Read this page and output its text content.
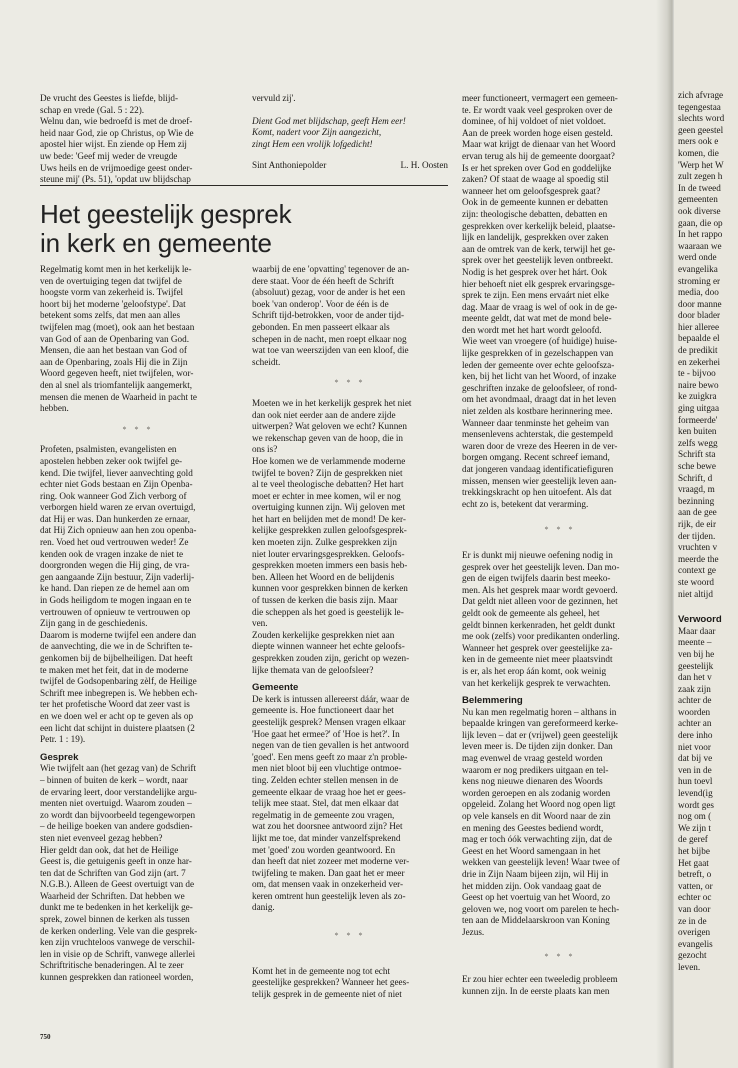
De vrucht des Geestes is liefde, blijd-

schap en vrede (Gal. 5 : 22).

Welnu dan, wie bedroefd is met de droef-

heid naar God, zie op Christus, op Wie de

apostel hier wijst. En ziende op Hem zij

uw bede: 'Geef mij weder de vreugde

Uws heils en de vrijmoedige geest onder-

steune mij' (Ps. 51), 'opdat uw blijdschap

vervuld zij'.

Dient God met blijdschap, geeft Hem eer!

Komt, nadert voor Zijn aangezicht,

zingt Hem een vrolijk lofgedicht!

Sint Anthoniepolder	L. H. Oosten
Het geestelijk gesprek
in kerk en gemeente

Regelmatig komt men in het kerkelijk le-

ven de overtuiging tegen dat twijfel de

hoogste vorm van zekerheid is. Twijfel

hoort bij het moderne 'geloofstype'. Dat

betekent soms zelfs, dat men aan alles

twijfelen mag (moet), ook aan het bestaan

van God of aan de Openbaring van God.

Mensen, die aan het bestaan van God of

aan de Openbaring, zoals Hij die in Zijn

Woord gegeven heeft, niet twijfelen, wor-

den al snel als triomfantelijk aangemerkt,

mensen die menen de Waarheid in pacht te

hebben.

* * *

Profeten, psalmisten, evangelisten en

apostelen hebben zeker ook twijfel ge-

kend. Die twijfel, liever aanvechting gold

echter niet Gods bestaan en Zijn Openba-

ring. Ook wanneer God Zich verborg of

verborgen hield waren ze ervan overtuigd,

dat Hij er was. Dan hunkerden ze ernaar,

dat Hij Zich opnieuw aan hen zou openba-

ren. Voed het oud vertrouwen weder! Ze

kenden ook de vragen inzake de niet te

doorgronden wegen die Hij ging, de vra-

gen aangaande Zijn bestuur, Zijn vaderlij-

ke hand. Dan riepen ze de hemel aan om

in Gods heiligdom te mogen ingaan en te

vertrouwen of opnieuw te vertrouwen op

Zijn gang in de geschiedenis.

Daarom is moderne twijfel een andere dan

de aanvechting, die we in de Schriften te-

genkomen bij de bijbelheiligen. Dat heeft

te maken met het feit, dat in de moderne

twijfel de Godsopenbaring zèlf, de Heilige

Schrift mee inbegrepen is. We hebben ech-

ter het profetische Woord dat zeer vast is

en we doen wel er acht op te geven als op

een licht dat schijnt in duistere plaatsen (2

Petr. 1 : 19).

Gesprek

Wie twijfelt aan (het gezag van) de Schrift

– binnen of buiten de kerk – wordt, naar

de ervaring leert, door verstandelijke argu-

menten niet overtuigd. Waarom zouden –

zo wordt dan bijvoorbeeld tegengeworpen

– de heilige boeken van andere godsdien-

sten niet evenveel gezag hebben?

Hier geldt dan ook, dat het de Heilige

Geest is, die getuigenis geeft in onze har-

ten dat de Schriften van God zijn (art. 7

N.G.B.). Alleen de Geest overtuigt van de

Waarheid der Schriften. Dat hebben we

dunkt me te bedenken in het kerkelijk ge-

sprek, zowel binnen de kerken als tussen

de kerken onderling. Vele van die gesprek-

ken zijn vruchteloos vanwege de verschil-

len in visie op de Schrift, vanwege allerlei

Schriftritische benaderingen. Al te zeer

kunnen gesprekken dan rationeel worden,

waarbij de ene 'opvatting' tegenover de an-

dere staat. Voor de één heeft de Schrift

(absoluut) gezag, voor de ander is het een

boek 'van onderop'. Voor de één is de

Schrift tijd-betrokken, voor de ander tijd-

gebonden. En men passeert elkaar als

schepen in de nacht, men roept elkaar nog

wat toe van weerszijden van een kloof, die

scheidt.

* * *

Moeten we in het kerkelijk gesprek het niet

dan ook niet eerder aan de andere zijde

uitwerpen? Wat geloven we echt? Kunnen

we rekenschap geven van de hoop, die in

ons is?

Hoe komen we de verlammende moderne

twijfel te boven? Zijn de gesprekken niet

al te veel theologische debatten? Het hart

moet er echter in mee komen, wil er nog

overtuiging kunnen zijn. Wij geloven met

het hart en belijden met de mond! De ker-

kelijke gesprekken zullen geloofsgesprek-

ken moeten zijn. Zulke gesprekken zijn

niet louter ervaringsgesprekken. Geloofs-

gesprekken moeten immers een basis heb-

ben. Alleen het Woord en de belijdenis

kunnen voor gesprekken binnen de kerken

of tussen de kerken die basis zijn. Maar

die scheppen als het goed is geestelijk le-

ven.

Zouden kerkelijke gesprekken niet aan

diepte winnen wanneer het echte geloofs-

gesprekken zouden zijn, gericht op wezen-

lijke themata van de geloofsleer?

Gemeente

De kerk is intussen allereerst dáár, waar de

gemeente is. Hoe functioneert daar het

geestelijk gesprek? Mensen vragen elkaar

'Hoe gaat het ermee?' of 'Hoe is het?'. In

negen van de tien gevallen is het antwoord

'goed'. Een mens geeft zo maar z'n proble-

men niet bloot bij een vluchtige ontmoe-

ting. Zelden echter stellen mensen in de

gemeente elkaar de vraag hoe het er gees-

telijk mee staat. Stel, dat men elkaar dat

regelmatig in de gemeente zou vragen,

wat zou het doorsnee antwoord zijn? Het

lijkt me toe, dat minder vanzelfsprekend

met 'goed' zou worden geantwoord. En

dan heeft dat niet zozeer met moderne ver-

twijfeling te maken. Dan gaat het er meer

om, dat mensen vaak in onzekerheid ver-

keren omtrent hun geestelijk leven als zo-

danig.

* * *

Komt het in de gemeente nog tot echt

geestelijke gesprekken? Wanneer het gees-

telijk gesprek in de gemeente niet of niet

meer functioneert, vermagert een gemeen-

te. Er wordt vaak veel gesproken over de

dominee, of hij voldoet of niet voldoet.

Aan de preek worden hoge eisen gesteld.

Maar wat krijgt de dienaar van het Woord

ervan terug als hij de gemeente doorgaat?

Is er het spreken over God en goddelijke

zaken? Of staat de waage al spoedig stil

wanneer het om geloofsgesprek gaat?

Ook in de gemeente kunnen er debatten

zijn: theologische debatten, debatten en

gesprekken over kerkelijk beleid, plaatse-

lijk en landelijk, gesprekken over zaken

aan de omtrek van de kerk, terwijl het ge-

sprek over het geestelijk leven ontbreekt.

Nodig is het gesprek over het hárt. Ook

hier behoeft niet elk gesprek ervaringsge-

sprek te zijn. Een mens ervaárt niet elke

dag. Maar de vraag is wel of ook in de ge-

meente geldt, dat wat met de mond bele-

den wordt met het hart wordt geloofd.

Wie weet van vroegere (of huidige) huise-

lijke gesprekken of in gezelschappen van

leden der gemeente over echte geloofsza-

ken, bij het licht van het Woord, of inzake

geschriften inzake de geloofsleer, of rond-

om het avondmaal, draagt dat in het leven

niet zelden als kostbare herinnering mee.

Wanneer daar tenminste het geheim van

mensenlevens achterstak, die gestempeld

waren door de vreze des Heeren in de ver-

borgen omgang. Recent schreef iemand,

dat jongeren vandaag identificatiefiguren

missen, mensen wier geestelijk leven aan-

trekkingskracht op hen uitoefent. Als dat

echt zo is, betekent dat verarming.

* * *

Er is dunkt mij nieuwe oefening nodig in

gesprek over het geestelijk leven. Dan mo-

gen de eigen twijfels daarin best meeko-

men. Als het gesprek maar wordt gevoerd.

Dat geldt niet alleen voor de gezinnen, het

geldt ook de gemeente als geheel, het

geldt binnen kerkenraden, het geldt dunkt

me ook (zelfs) voor predikanten onderling.

Wanneer het gesprek over geestelijke za-

ken in de gemeente niet meer plaatsvindt

is er, als het erop áán komt, ook weinig

van het kerkelijk gesprek te verwachten.

Belemmering

Nu kan men regelmatig horen – althans in

bepaalde kringen van gereformeerd kerke-

lijk leven – dat er (vrijwel) geen geestelijk

leven meer is. De tijden zijn donker. Dan

mag evenwel de vraag gesteld worden

waarom er nog predikers uitgaan en tel-

kens nog nieuwe dienaren des Woords

worden geroepen en als zodanig worden

opgeleid. Zolang het Woord nog open ligt

op vele kansels en dit Woord naar de zin

en mening des Geestes bediend wordt,

mag er toch óók verwachting zijn, dat de

Geest en het Woord samengaan in het

wekken van geestelijk leven! Waar twee of

drie in Zijn Naam bijeen zijn, wil Hij in

het midden zijn. Ook vandaag gaat de

Geest op het voertuig van het Woord, zo

geloven we, nog voort om parelen te hech-

ten aan de Middelaarskroon van Koning

Jezus.

* * *

Er zou hier echter een tweeledig probleem

kunnen zijn. In de eerste plaats kan men

750

zich afvrage

tegengestaa

slechts word

geen geestel

mers ook e

komen, die

'Werp het W

zult zegen h

In de tweed

gemeenten

ook diverse

gaan, die op

In het rappo

waaraan we

werd onde

evangelika

stroming er

media, doo

door manne

door blader

hier alleree

bepaalde el

de predikit

en zekerhei

te - bijvoo

naire bewo

ke zuigkra

ging uitgaa

formeerde'

ken buiten

zelfs wegg

Schrift sta

sche bewe

Schrift, d

vraagd, m

bezinning

aan de gee

rijk, de eir

der tijden.

vruchten v

meerde the

context ge

ste woord

niet altijd

Verwoord

Maar daar

meente –

ven bij he

geestelijk

dan het v

zaak zijn

achter de

woorden

achter an

dere inho

niet voor

dat bij ve

ven in de

hun toevl

levend(ig

wordt ges

nog om (

We zijn t

de geref

het bijbe

Het gaat

betreft, o

vatten, or

echter oc

van door

ze in de

overigen

evangelis

gezocht

leven.
